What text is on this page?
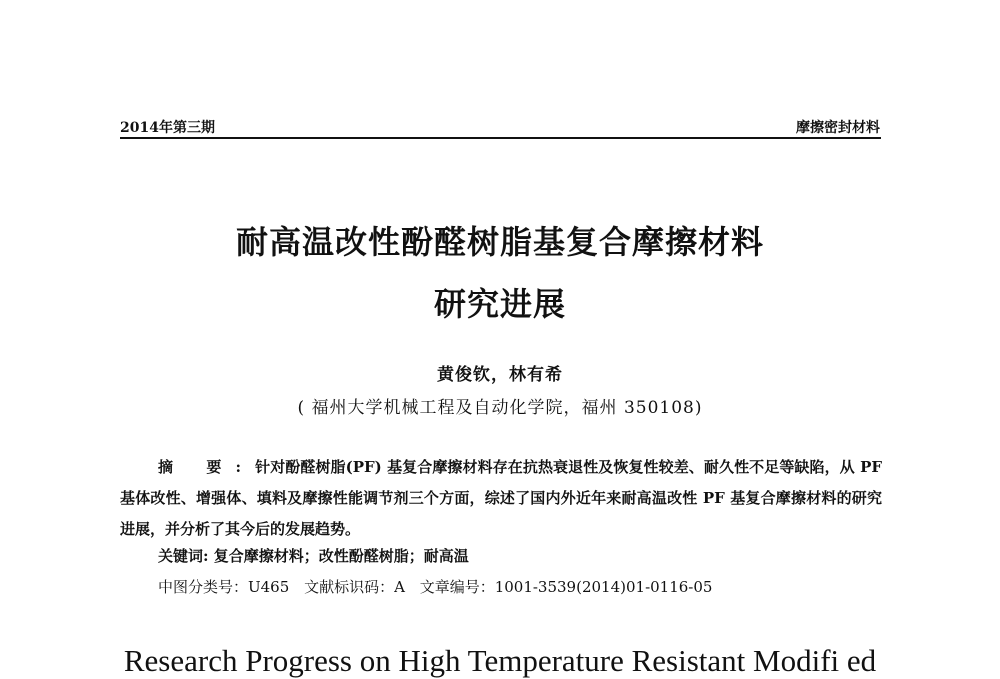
2014年第三期	摩擦密封材料
耐高温改性酚醛树脂基复合摩擦材料
研究进展
黄俊钦，林有希
( 福州大学机械工程及自动化学院，福州 350108)
摘 要:针对酚醛树脂(PF) 基复合摩擦材料存在抗热衰退性及恢复性较差、耐久性不足等缺陷，从 PF 基体改性、增强体、填料及摩擦性能调节剂三个方面，综述了国内外近年来耐高温改性 PF 基复合摩擦材料的研究进展，并分析了其今后的发展趋势。
关键词: 复合摩擦材料；改性酚醛树脂；耐高温
中图分类号：U465 文献标识码：A 文章编号：1001-3539(2014)01-0116-05
Research Progress on High Temperature Resistant Modifi ed
